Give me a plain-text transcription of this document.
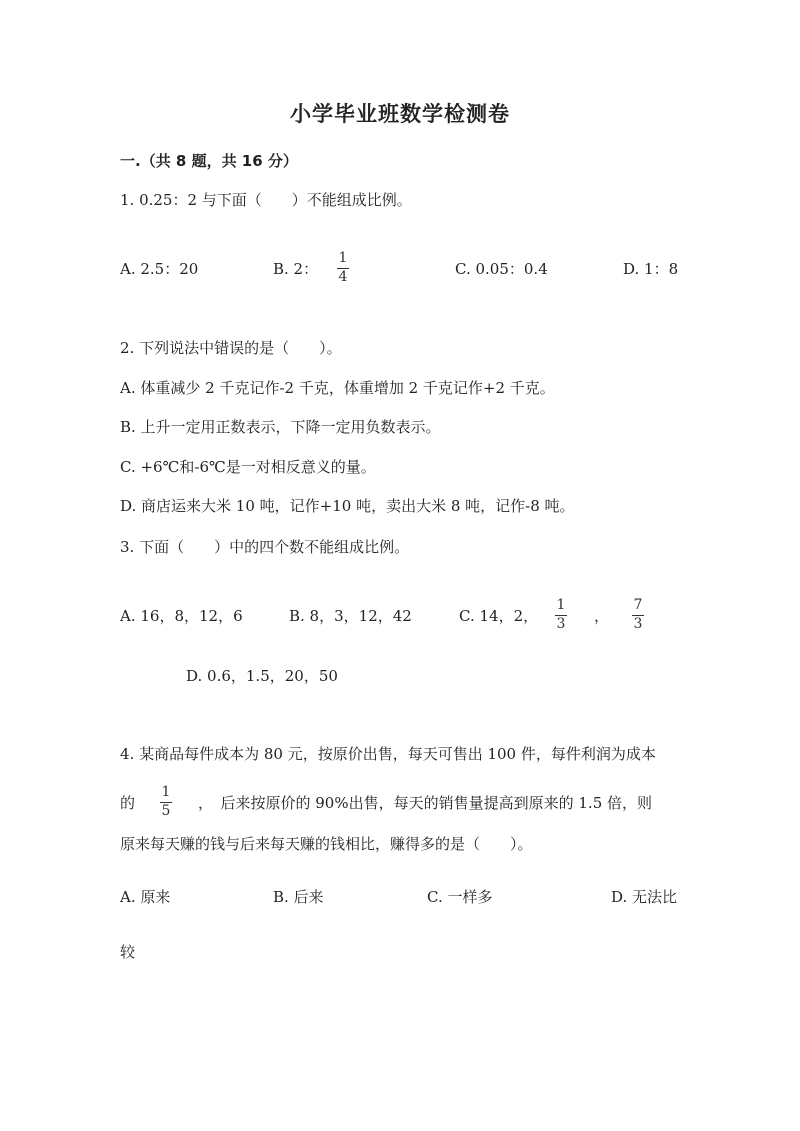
小学毕业班数学检测卷
一.（共 8 题，共 16 分）
1. 0.25：2 与下面（　　）不能组成比例。
A. 2.5：20	B. 2：
1
4	C. 0.05：0.4	D. 1：8
2. 下列说法中错误的是（　　）。
A. 体重减少 2 千克记作-2 千克，体重增加 2 千克记作+2 千克。
B. 上升一定用正数表示，下降一定用负数表示。
C. +6℃和-6℃是一对相反意义的量。
D. 商店运来大米 10 吨，记作+10 吨，卖出大米 8 吨，记作-8 吨。
3. 下面（　　）中的四个数不能组成比例。
A. 16，8，12，6	B. 8，3，12，42	C. 14，2，
1
3 ，
7
3
D. 0.6，1.5，20，50
4. 某商品每件成本为 80 元，按原价出售，每天可售出 100 件，每件利润为成本
的
1
5 ，　后来按原价的 90%出售，每天的销售量提高到原来的 1.5 倍，则
原来每天赚的钱与后来每天赚的钱相比，赚得多的是（　　）。
A. 原来	B. 后来	C. 一样多	D. 无法比
较
